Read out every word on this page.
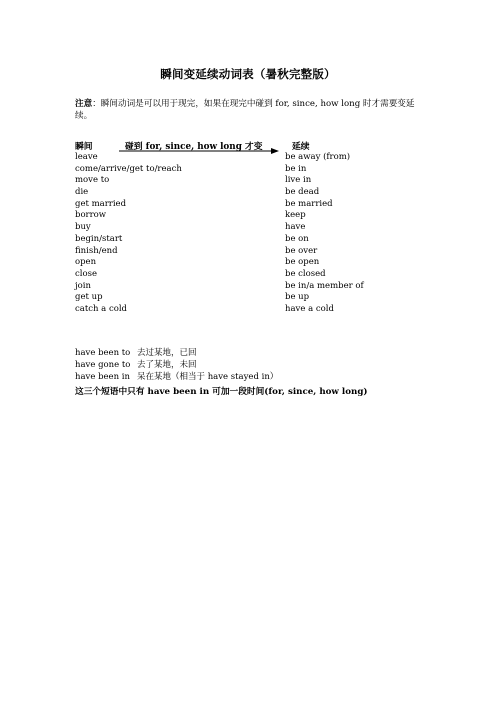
瞬间变延续动词表（暑秋完整版）
注意：瞬间动词是可以用于现完，如果在现完中碰到 for, since, how long 时才需要变延续。
瞬间	碰到 for, since, how long 才变	延续
leave	be away (from)
come/arrive/get to/reach	be in
move to	live in
die	be dead
get married	be married
borrow	keep
buy	have
begin/start	be on
finish/end	be over
open	be open
close	be closed
join	be in/a member of
get up	be up
catch a cold	have a cold
have been to 去过某地，已回
have gone to 去了某地，未回
have been in 呆在某地（相当于 have stayed in）
这三个短语中只有 have been in 可加一段时间(for, since, how long)
